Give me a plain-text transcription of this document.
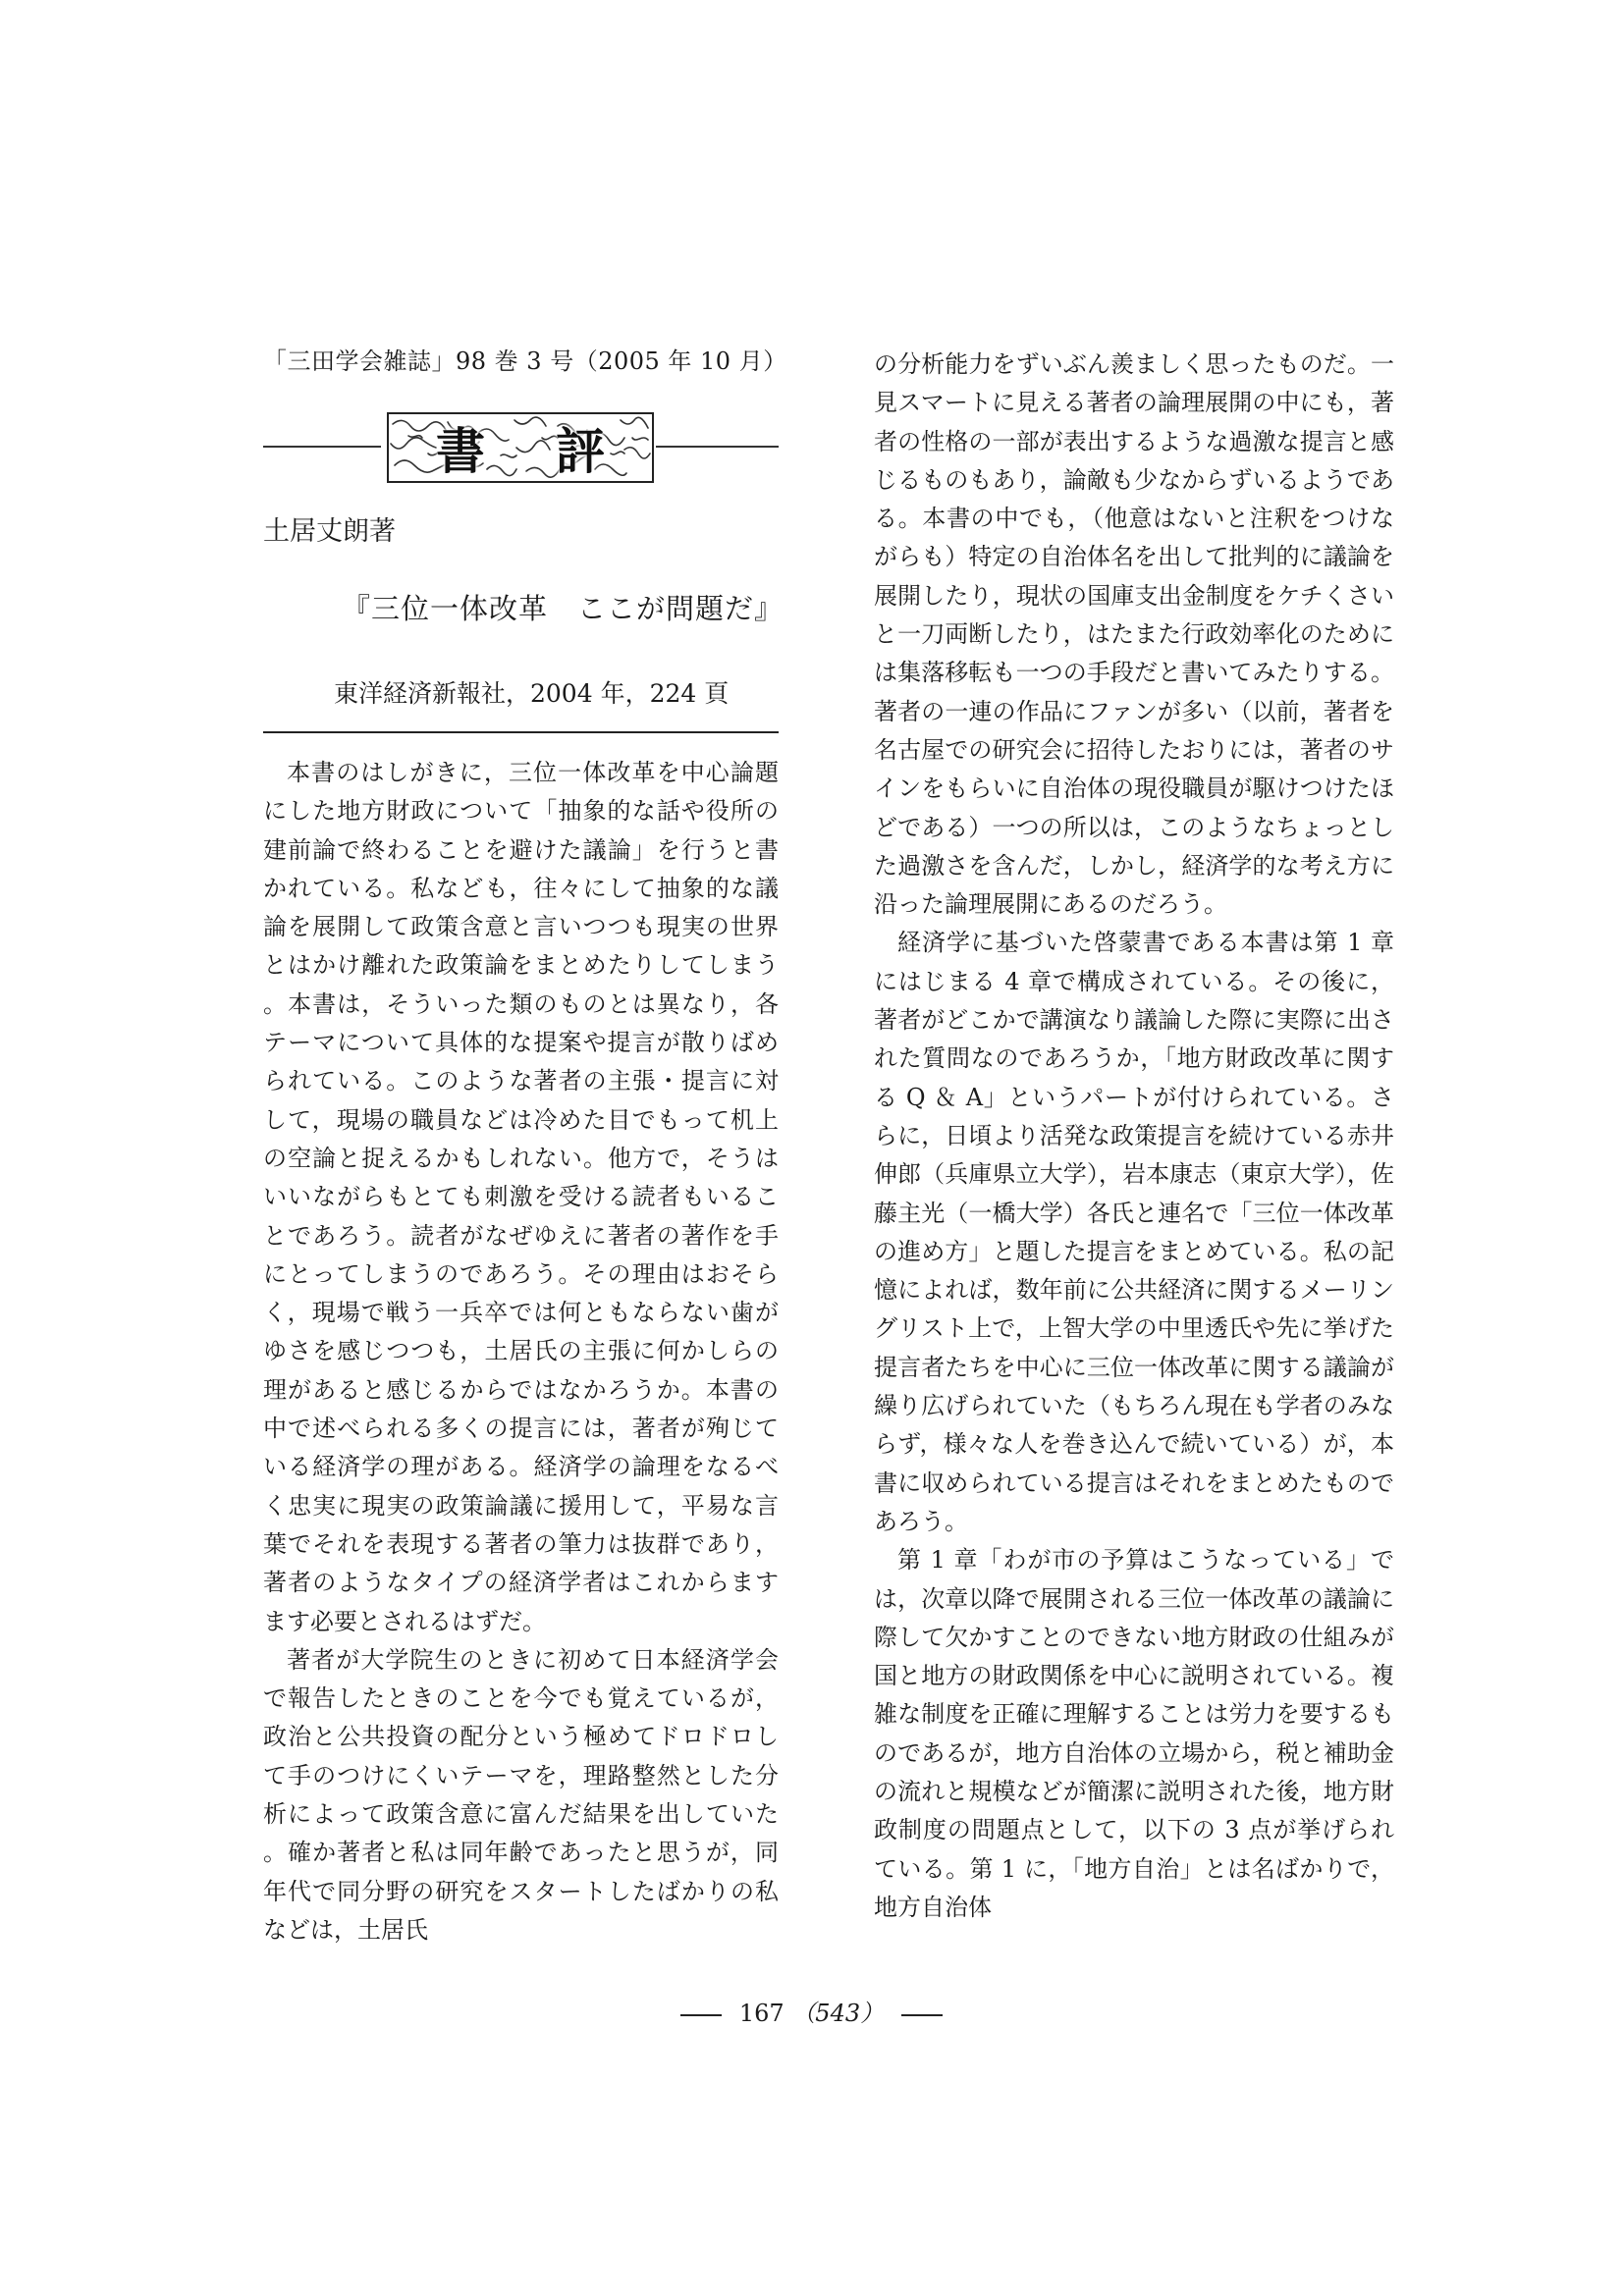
「三田学会雑誌」98 巻 3 号（2005 年 10 月）
書 評
土居丈朗著
『三位一体改革　ここが問題だ』
東洋経済新報社，2004 年，224 頁

本書のはしがきに，三位一体改革を中心論題にした地方財政について「抽象的な話や役所の建前論で終わることを避けた議論」を行うと書かれている。私なども，往々にして抽象的な議論を展開して政策含意と言いつつも現実の世界とはかけ離れた政策論をまとめたりしてしまう。本書は，そういった類のものとは異なり，各テーマについて具体的な提案や提言が散りばめられている。このような著者の主張・提言に対して，現場の職員などは冷めた目でもって机上の空論と捉えるかもしれない。他方で，そうはいいながらもとても刺激を受ける読者もいることであろう。読者がなぜゆえに著者の著作を手にとってしまうのであろう。その理由はおそらく，現場で戦う一兵卒では何ともならない歯がゆさを感じつつも，土居氏の主張に何かしらの理があると感じるからではなかろうか。本書の中で述べられる多くの提言には，著者が殉じている経済学の理がある。経済学の論理をなるべく忠実に現実の政策論議に援用して，平易な言葉でそれを表現する著者の筆力は抜群であり，著者のようなタイプの経済学者はこれからますます必要とされるはずだ。

著者が大学院生のときに初めて日本経済学会で報告したときのことを今でも覚えているが，政治と公共投資の配分という極めてドロドロして手のつけにくいテーマを，理路整然とした分析によって政策含意に富んだ結果を出していた。確か著者と私は同年齢であったと思うが，同年代で同分野の研究をスタートしたばかりの私などは，土居氏

の分析能力をずいぶん羨ましく思ったものだ。一見スマートに見える著者の論理展開の中にも，著者の性格の一部が表出するような過激な提言と感じるものもあり，論敵も少なからずいるようである。本書の中でも，（他意はないと注釈をつけながらも）特定の自治体名を出して批判的に議論を展開したり，現状の国庫支出金制度をケチくさいと一刀両断したり，はたまた行政効率化のためには集落移転も一つの手段だと書いてみたりする。著者の一連の作品にファンが多い（以前，著者を名古屋での研究会に招待したおりには，著者のサインをもらいに自治体の現役職員が駆けつけたほどである）一つの所以は，このようなちょっとした過激さを含んだ，しかし，経済学的な考え方に沿った論理展開にあるのだろう。

経済学に基づいた啓蒙書である本書は第 1 章にはじまる 4 章で構成されている。その後に，著者がどこかで講演なり議論した際に実際に出された質問なのであろうか，「地方財政改革に関する Q ＆ A」というパートが付けられている。さらに，日頃より活発な政策提言を続けている赤井伸郎（兵庫県立大学），岩本康志（東京大学），佐藤主光（一橋大学）各氏と連名で「三位一体改革の進め方」と題した提言をまとめている。私の記憶によれば，数年前に公共経済に関するメーリングリスト上で，上智大学の中里透氏や先に挙げた提言者たちを中心に三位一体改革に関する議論が繰り広げられていた（もちろん現在も学者のみならず，様々な人を巻き込んで続いている）が，本書に収められている提言はそれをまとめたものであろう。

第 1 章「わが市の予算はこうなっている」では，次章以降で展開される三位一体改革の議論に際して欠かすことのできない地方財政の仕組みが国と地方の財政関係を中心に説明されている。複雑な制度を正確に理解することは労力を要するものであるが，地方自治体の立場から，税と補助金の流れと規模などが簡潔に説明された後，地方財政制度の問題点として，以下の 3 点が挙げられている。第 1 に，「地方自治」とは名ばかりで，地方自治体

167 （543）
